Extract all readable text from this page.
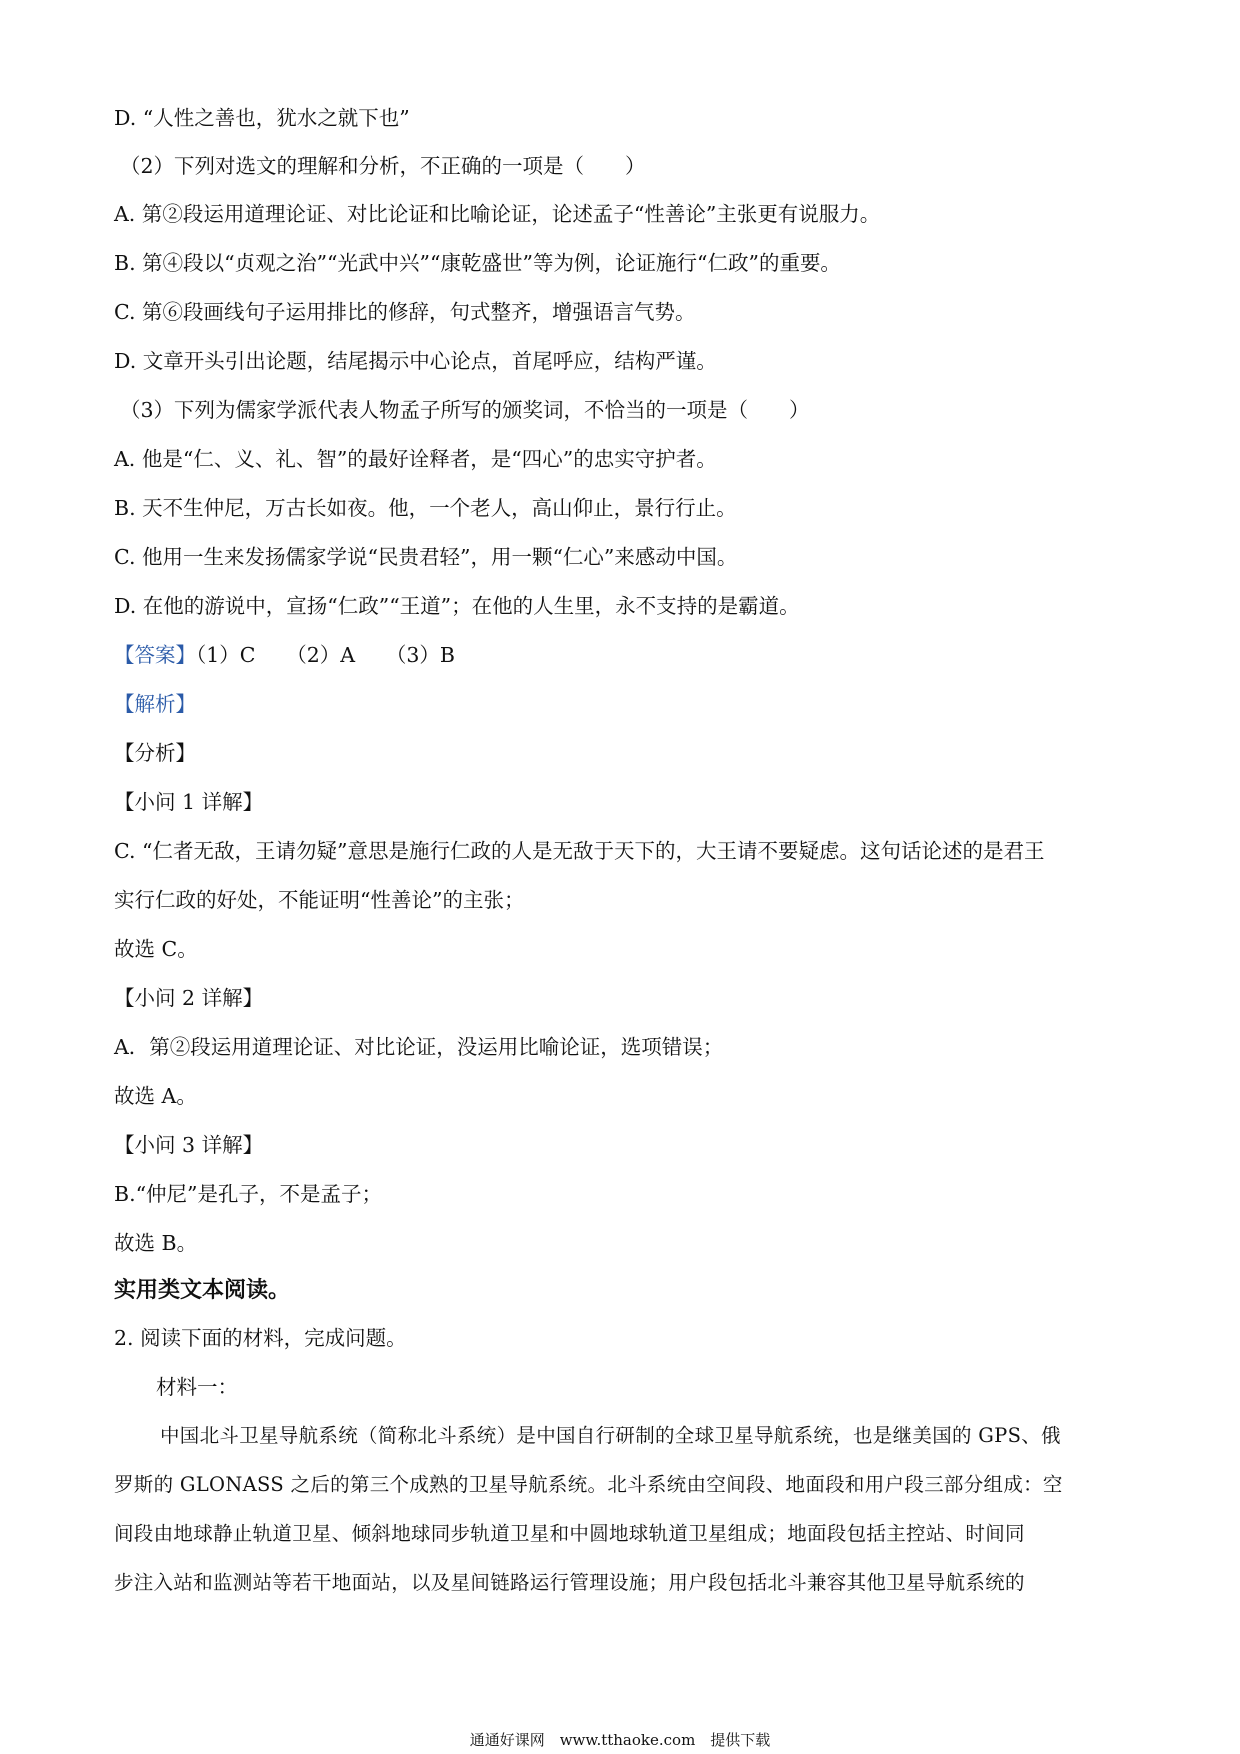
D. “人性之善也，犹水之就下也”
（2）下列对选文的理解和分析，不正确的一项是（　　）
A. 第②段运用道理论证、对比论证和比喻论证，论述孟子“性善论”主张更有说服力。
B. 第④段以“贞观之治”“光武中兴”“康乾盛世”等为例，论证施行“仁政”的重要。
C. 第⑥段画线句子运用排比的修辞，句式整齐，增强语言气势。
D. 文章开头引出论题，结尾揭示中心论点，首尾呼应，结构严谨。
（3）下列为儒家学派代表人物孟子所写的颁奖词，不恰当的一项是（　　）
A. 他是“仁、义、礼、智”的最好诠释者，是“四心”的忠实守护者。
B. 天不生仲尼，万古长如夜。他，一个老人，高山仰止，景行行止。
C. 他用一生来发扬儒家学说“民贵君轻”，用一颗“仁心”来感动中国。
D. 在他的游说中，宣扬“仁政”“王道”；在他的人生里，永不支持的是霸道。
【答案】（1）C　　（2）A　　（3）B
【解析】
【分析】
【小问 1 详解】
C. “仁者无敌，王请勿疑”意思是施行仁政的人是无敌于天下的，大王请不要疑虑。这句话论述的是君王
实行仁政的好处，不能证明“性善论”的主张；
故选 C。
【小问 2 详解】
A．第②段运用道理论证、对比论证，没运用比喻论证，选项错误；
故选 A。
【小问 3 详解】
B.“仲尼”是孔子，不是孟子；
故选 B。
实用类文本阅读。
2. 阅读下面的材料，完成问题。
材料一：
中国北斗卫星导航系统（简称北斗系统）是中国自行研制的全球卫星导航系统，也是继美国的 GPS、俄
罗斯的 GLONASS 之后的第三个成熟的卫星导航系统。北斗系统由空间段、地面段和用户段三部分组成：空
间段由地球静止轨道卫星、倾斜地球同步轨道卫星和中圆地球轨道卫星组成；地面段包括主控站、时间同
步注入站和监测站等若干地面站，以及星间链路运行管理设施；用户段包括北斗兼容其他卫星导航系统的
通通好课网　www.tthaoke.com　提供下载
